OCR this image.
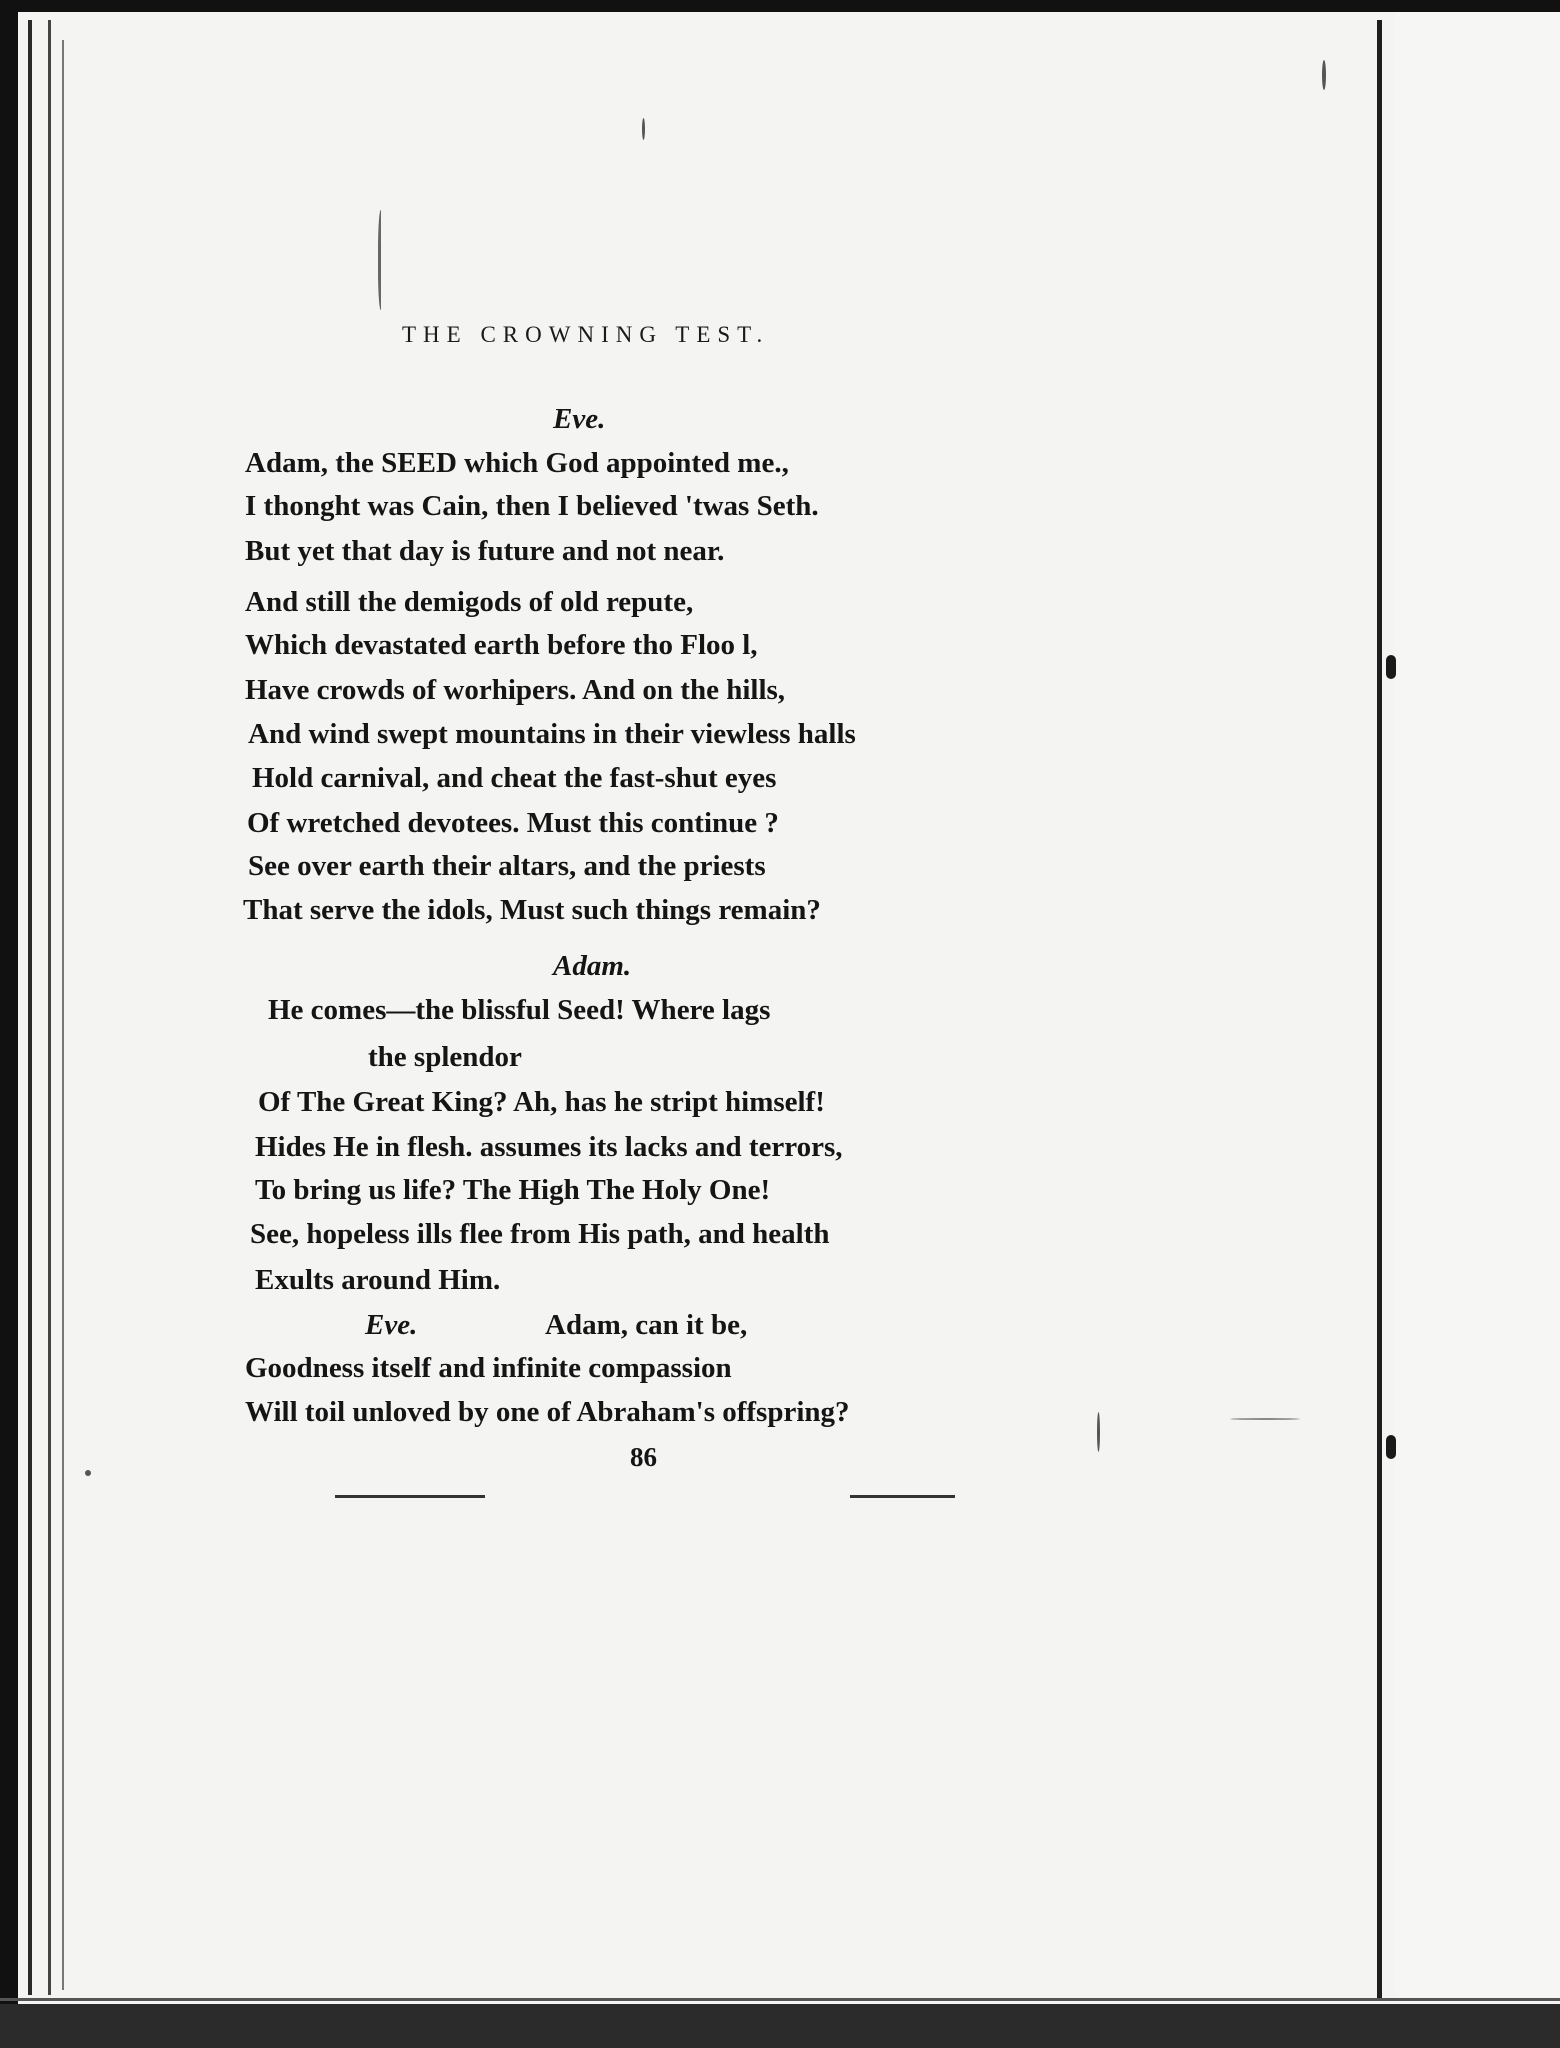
THE CROWNING TEST.
Eve.
Adam, the SEED which God appointed me.,
I thonght was Cain, then I believed 'twas Seth.
But yet that day is future and not near.
And still the demigods of old repute,
Which devastated earth before tho Floo l,
Have crowds of worhipers. And on the hills,
And wind swept mountains in their viewless halls
Hold carnival, and cheat the fast-shut eyes
Of wretched devotees. Must this continue ?
See over earth their altars, and the priests
That serve the idols, Must such things remain?
Adam.
He comes—the blissful Seed! Where lags
the splendor
Of The Great King? Ah, has he stript himself!
Hides He in flesh. assumes its lacks and terrors,
To bring us life? The High The Holy One!
See, hopeless ills flee from His path, and health
Exults around Him.
Eve.	Adam, can it be,
Goodness itself and infinite compassion
Will toil unloved by one of Abraham's offspring?
86
